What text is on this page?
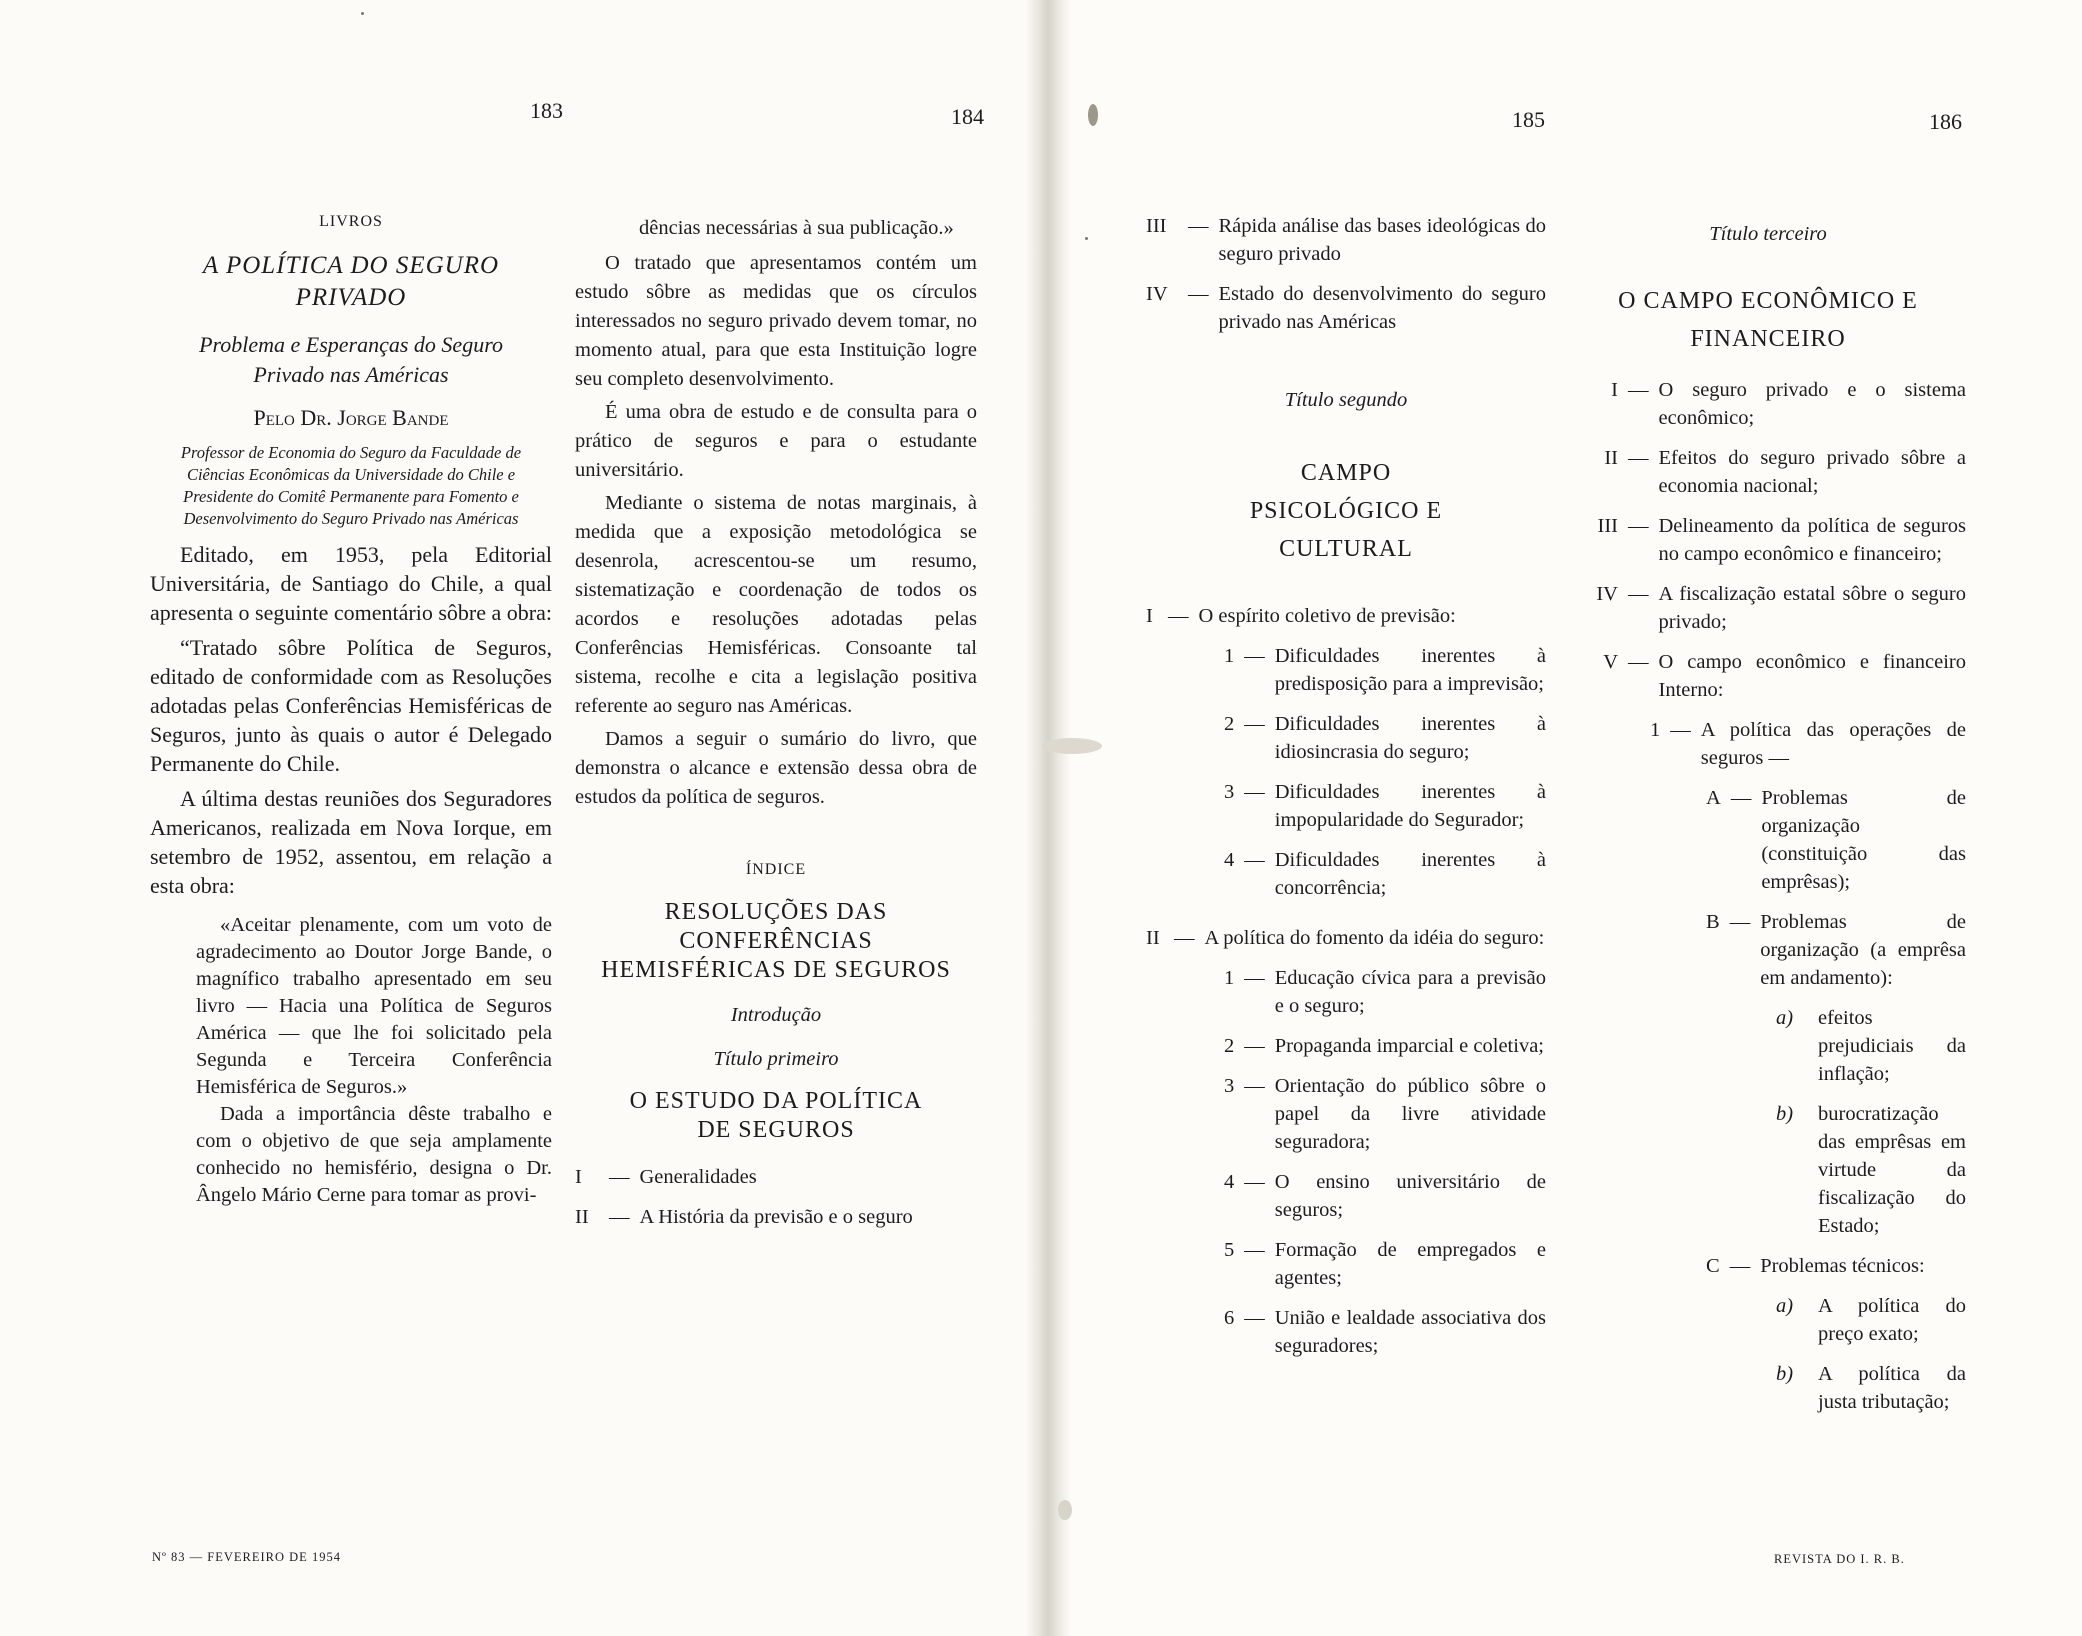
183	184	185	186
LIVROS
A POLÍTICA DO SEGURO PRIVADO
Problema e Esperanças do Seguro Privado nas Américas
Pelo Dr. Jorge Bande
Professor de Economia do Seguro da Faculdade de Ciências Econômicas da Universidade do Chile e Presidente do Comitê Permanente para Fomento e Desenvolvimento do Seguro Privado nas Américas

Editado, em 1953, pela Editorial Universitária, de Santiago do Chile, a qual apresenta o seguinte comentário sôbre a obra:

“Tratado sôbre Política de Seguros, editado de conformidade com as Resoluções adotadas pelas Conferências Hemisféricas de Seguros, junto às quais o autor é Delegado Permanente do Chile.

A última destas reuniões dos Seguradores Americanos, realizada em Nova Iorque, em setembro de 1952, assentou, em relação a esta obra:

«Aceitar plenamente, com um voto de agradecimento ao Doutor Jorge Bande, o magnífico trabalho apresentado em seu livro — Hacia una Política de Seguros América — que lhe foi solicitado pela Segunda e Terceira Conferência Hemisférica de Seguros.»

Dada a importância dêste trabalho e com o objetivo de que seja amplamente conhecido no hemisfério, designa o Dr. Ângelo Mário Cerne para tomar as provi-

dências necessárias à sua publicação.»

O tratado que apresentamos contém um estudo sôbre as medidas que os círculos interessados no seguro privado devem tomar, no momento atual, para que esta Instituição logre seu completo desenvolvimento.

É uma obra de estudo e de consulta para o prático de seguros e para o estudante universitário.

Mediante o sistema de notas marginais, à medida que a exposição metodológica se desenrola, acrescentou-se um resumo, sistematização e coordenação de todos os acordos e resoluções adotadas pelas Conferências Hemisféricas. Consoante tal sistema, recolhe e cita a legislação positiva referente ao seguro nas Américas.

Damos a seguir o sumário do livro, que demonstra o alcance e extensão dessa obra de estudos da política de seguros.

ÍNDICE
RESOLUÇÕES DAS CONFERÊNCIAS HEMISFÉRICAS DE SEGUROS
Introdução
Título primeiro
O ESTUDO DA POLÍTICA DE SEGUROS
I	— Generalidades
II — A História da previsão e o seguro
III	— Rápida análise das bases ideológicas do seguro privado
IV — Estado do desenvolvimento do seguro privado nas Américas
Título segundo
CAMPO PSICOLÓGICO E CULTURAL
I — O espírito coletivo de previsão:
1 — Dificuldades inerentes à predisposição para a imprevisão;
2 — Dificuldades inerentes à idiosincrasia do seguro;
3 — Dificuldades inerentes à impopularidade do Segurador;
4 — Dificuldades inerentes à concorrência;
II — A política do fomento da idéia do seguro:
1 — Educação cívica para a previsão e o seguro;
2 — Propaganda imparcial e coletiva;
3 — Orientação do público sôbre o papel da livre atividade seguradora;
4 — O ensino universitário de seguros;
5 — Formação de empregados e agentes;
6 — União e lealdade associativa dos seguradores;
Título terceiro
O CAMPO ECONÔMICO E FINANCEIRO
I — O seguro privado e o sistema econômico;
II — Efeitos do seguro privado sôbre a economia nacional;
III — Delineamento da política de seguros no campo econômico e financeiro;
IV — A fiscalização estatal sôbre o seguro privado;
V — O campo econômico e financeiro Interno:
1 — A política das operações de seguros —
A — Problemas de organização (constituição das emprêsas);
B — Problemas de organização (a emprêsa em andamento):
a)	efeitos prejudiciais da inflação;
b)	burocratização das emprêsas em virtude da fiscalização do Estado;
C — Problemas técnicos:
a)	A política do preço exato;
b)	A política da justa tributação;
Nº 83 — FEVEREIRO DE 1954	REVISTA DO I. R. B.
